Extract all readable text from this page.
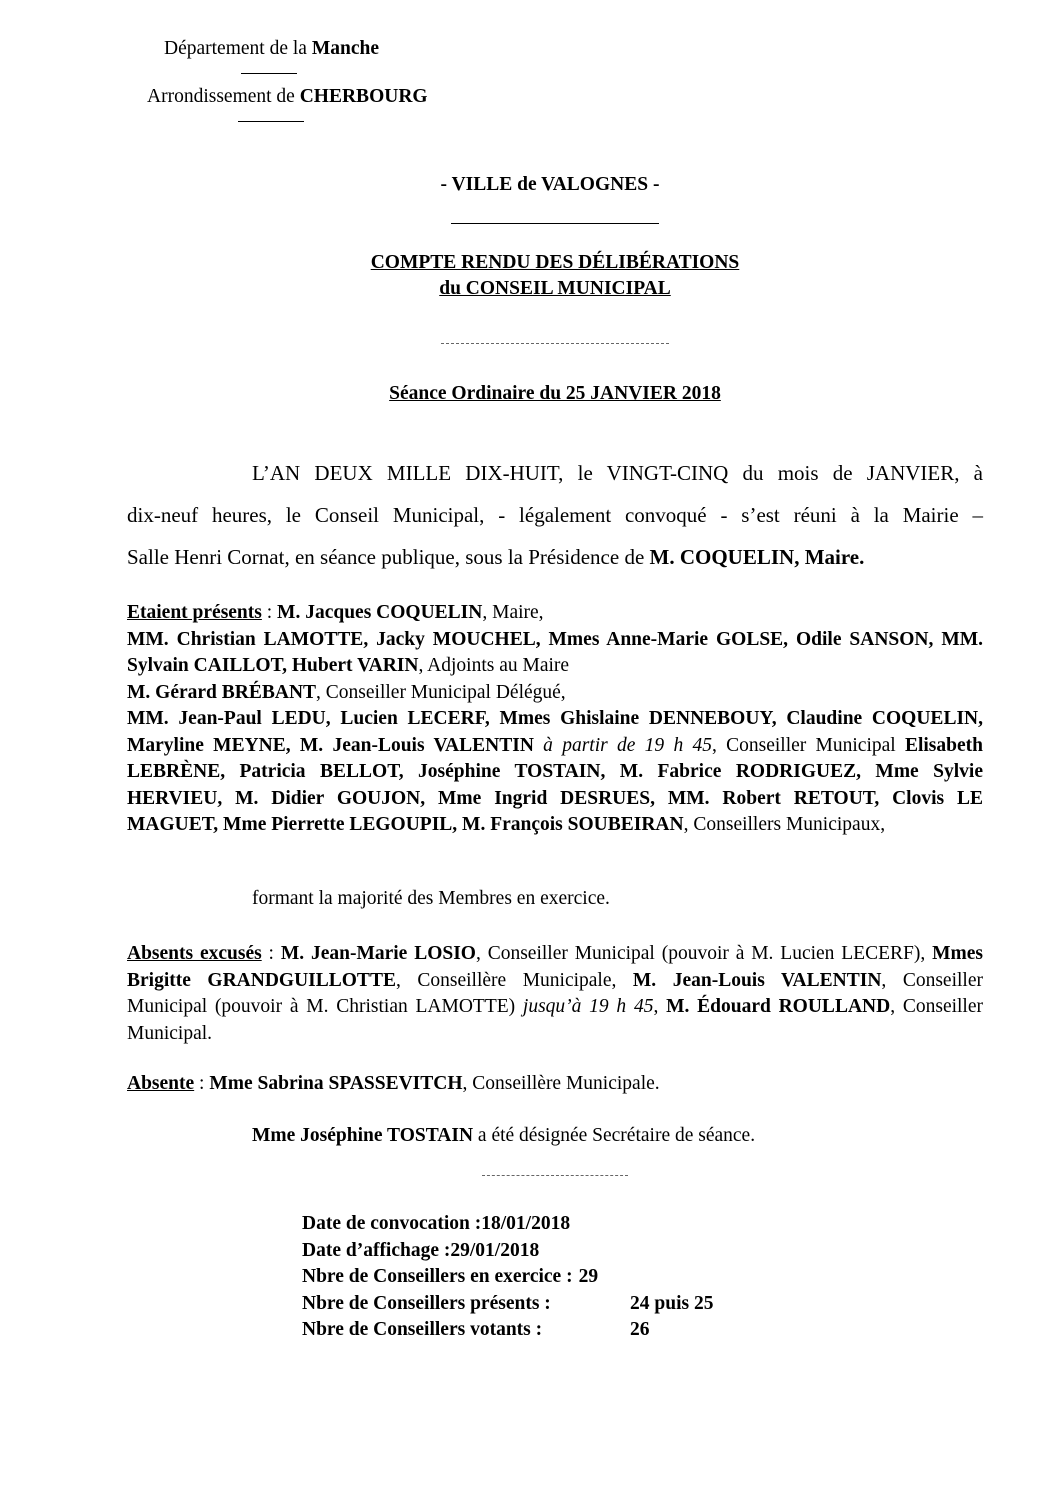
Département de la Manche
Arrondissement de CHERBOURG
- VILLE de VALOGNES -
COMPTE RENDU DES DÉLIBÉRATIONS
du CONSEIL MUNICIPAL
Séance Ordinaire du 25 JANVIER 2018
L’AN DEUX MILLE DIX-HUIT, le VINGT-CINQ du mois de JANVIER, à
dix-neuf heures, le Conseil Municipal, - légalement convoqué - s’est réuni à la Mairie –
Salle Henri Cornat, en séance publique, sous la Présidence de M. COQUELIN, Maire.
Etaient présents : M. Jacques COQUELIN, Maire,
MM. Christian LAMOTTE, Jacky MOUCHEL, Mmes Anne-Marie GOLSE, Odile SANSON, MM. Sylvain CAILLOT, Hubert VARIN, Adjoints au Maire
M. Gérard BRÉBANT, Conseiller Municipal Délégué,
MM. Jean-Paul LEDU, Lucien LECERF, Mmes Ghislaine DENNEBOUY, Claudine COQUELIN, Maryline MEYNE, M. Jean-Louis VALENTIN à partir de 19 h 45, Conseiller Municipal Elisabeth LEBRÈNE, Patricia BELLOT, Joséphine TOSTAIN, M. Fabrice RODRIGUEZ, Mme Sylvie HERVIEU, M. Didier GOUJON, Mme Ingrid DESRUES, MM. Robert RETOUT, Clovis LE MAGUET, Mme Pierrette LEGOUPIL, M. François SOUBEIRAN, Conseillers Municipaux,
formant la majorité des Membres en exercice.
Absents excusés : M. Jean-Marie LOSIO, Conseiller Municipal (pouvoir à M. Lucien LECERF), Mmes Brigitte GRANDGUILLOTTE, Conseillère Municipale, M. Jean-Louis VALENTIN, Conseiller Municipal (pouvoir à M. Christian LAMOTTE) jusqu’à 19 h 45, M. Édouard ROULLAND, Conseiller Municipal.
Absente : Mme Sabrina SPASSEVITCH, Conseillère Municipale.
Mme Joséphine TOSTAIN a été désignée Secrétaire de séance.
Date de convocation : 18/01/2018
Date d’affichage : 29/01/2018
Nbre de Conseillers en exercice : 29
Nbre de Conseillers présents :	24 puis 25
Nbre de Conseillers votants :	26
